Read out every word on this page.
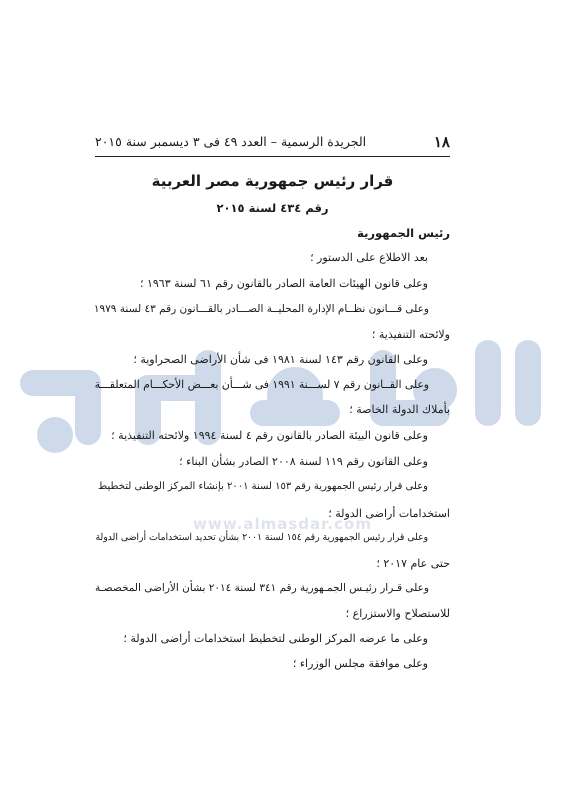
www.almasdar.com
١٨
الجريدة الرسمية – العدد ٤٩ فى ٣ ديسمبر سنة ٢٠١٥
قرار رئيس جمهورية مصر العربية
رقم ٤٣٤ لسنة ٢٠١٥
رئيس الجمهورية
بعد الاطلاع على الدستور ؛
وعلى قانون الهيئات العامة الصادر بالقانون رقم ٦١ لسنة ١٩٦٣ ؛
وعلى قـــانون نظــام الإدارة المحليــة الصـــادر بالقـــانون رقم ٤٣ لسنة ١٩٧٩
ولائحته التنفيذية ؛
وعلى القانون رقم ١٤٣ لسنة ١٩٨١ فى شأن الأراضى الصحراوية ؛
وعلى القــانون رقم ٧ لســـنة ١٩٩١ فى شـــأن بعـــض الأحكـــام المتعلقـــة
بأملاك الدولة الخاصة ؛
وعلى قانون البيئة الصادر بالقانون رقم ٤ لسنة ١٩٩٤ ولائحته التنفيذية ؛
وعلى القانون رقم ١١٩ لسنة ٢٠٠٨ الصادر بشأن البناء ؛
وعلى قرار رئيس الجمهورية رقم ١٥٣ لسنة ٢٠٠١ بإنشاء المركز الوطنى لتخطيط
استخدامات أراضى الدولة ؛
وعلى قرار رئيس الجمهورية رقم ١٥٤ لسنة ٢٠٠١ بشأن تحديد استخدامات أراضى الدولة
حتى عام ٢٠١٧ ؛
وعلى قـرار رئيـس الجمـهورية رقم ٣٤١ لسنة ٢٠١٤ بشأن الأراضى المخصصـة
للاستصلاح والاستزراع ؛
وعلى ما عرضه المركز الوطنى لتخطيط استخدامات أراضى الدولة ؛
وعلى موافقة مجلس الوزراء ؛
